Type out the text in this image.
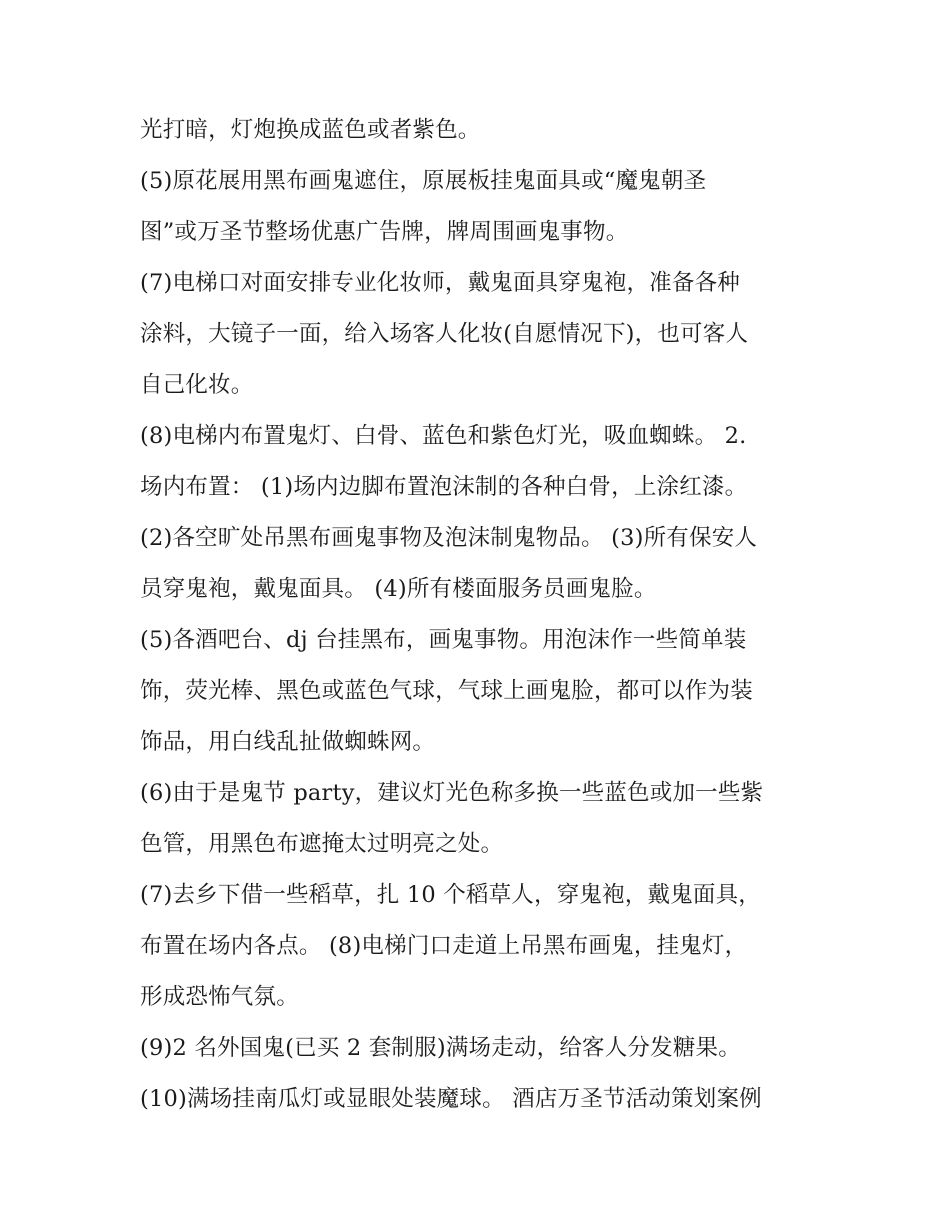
光打暗，灯炮换成蓝色或者紫色。
(5)原花展用黑布画鬼遮住，原展板挂鬼面具或“魔鬼朝圣
图”或万圣节整场优惠广告牌，牌周围画鬼事物。
(7)电梯口对面安排专业化妆师，戴鬼面具穿鬼袍，准备各种
涂料，大镜子一面，给入场客人化妆(自愿情况下)，也可客人
自己化妆。
(8)电梯内布置鬼灯、白骨、蓝色和紫色灯光，吸血蜘蛛。 2.
场内布置： (1)场内边脚布置泡沫制的各种白骨，上涂红漆。
(2)各空旷处吊黑布画鬼事物及泡沫制鬼物品。 (3)所有保安人
员穿鬼袍，戴鬼面具。 (4)所有楼面服务员画鬼脸。
(5)各酒吧台、dj 台挂黑布，画鬼事物。用泡沫作一些简单装
饰，荧光棒、黑色或蓝色气球，气球上画鬼脸，都可以作为装
饰品，用白线乱扯做蜘蛛网。
(6)由于是鬼节 party，建议灯光色称多换一些蓝色或加一些紫
色管，用黑色布遮掩太过明亮之处。
(7)去乡下借一些稻草，扎 10 个稻草人，穿鬼袍，戴鬼面具，
布置在场内各点。 (8)电梯门口走道上吊黑布画鬼，挂鬼灯，
形成恐怖气氛。
(9)2 名外国鬼(已买 2 套制服)满场走动，给客人分发糖果。
(10)满场挂南瓜灯或显眼处装魔球。 酒店万圣节活动策划案例
